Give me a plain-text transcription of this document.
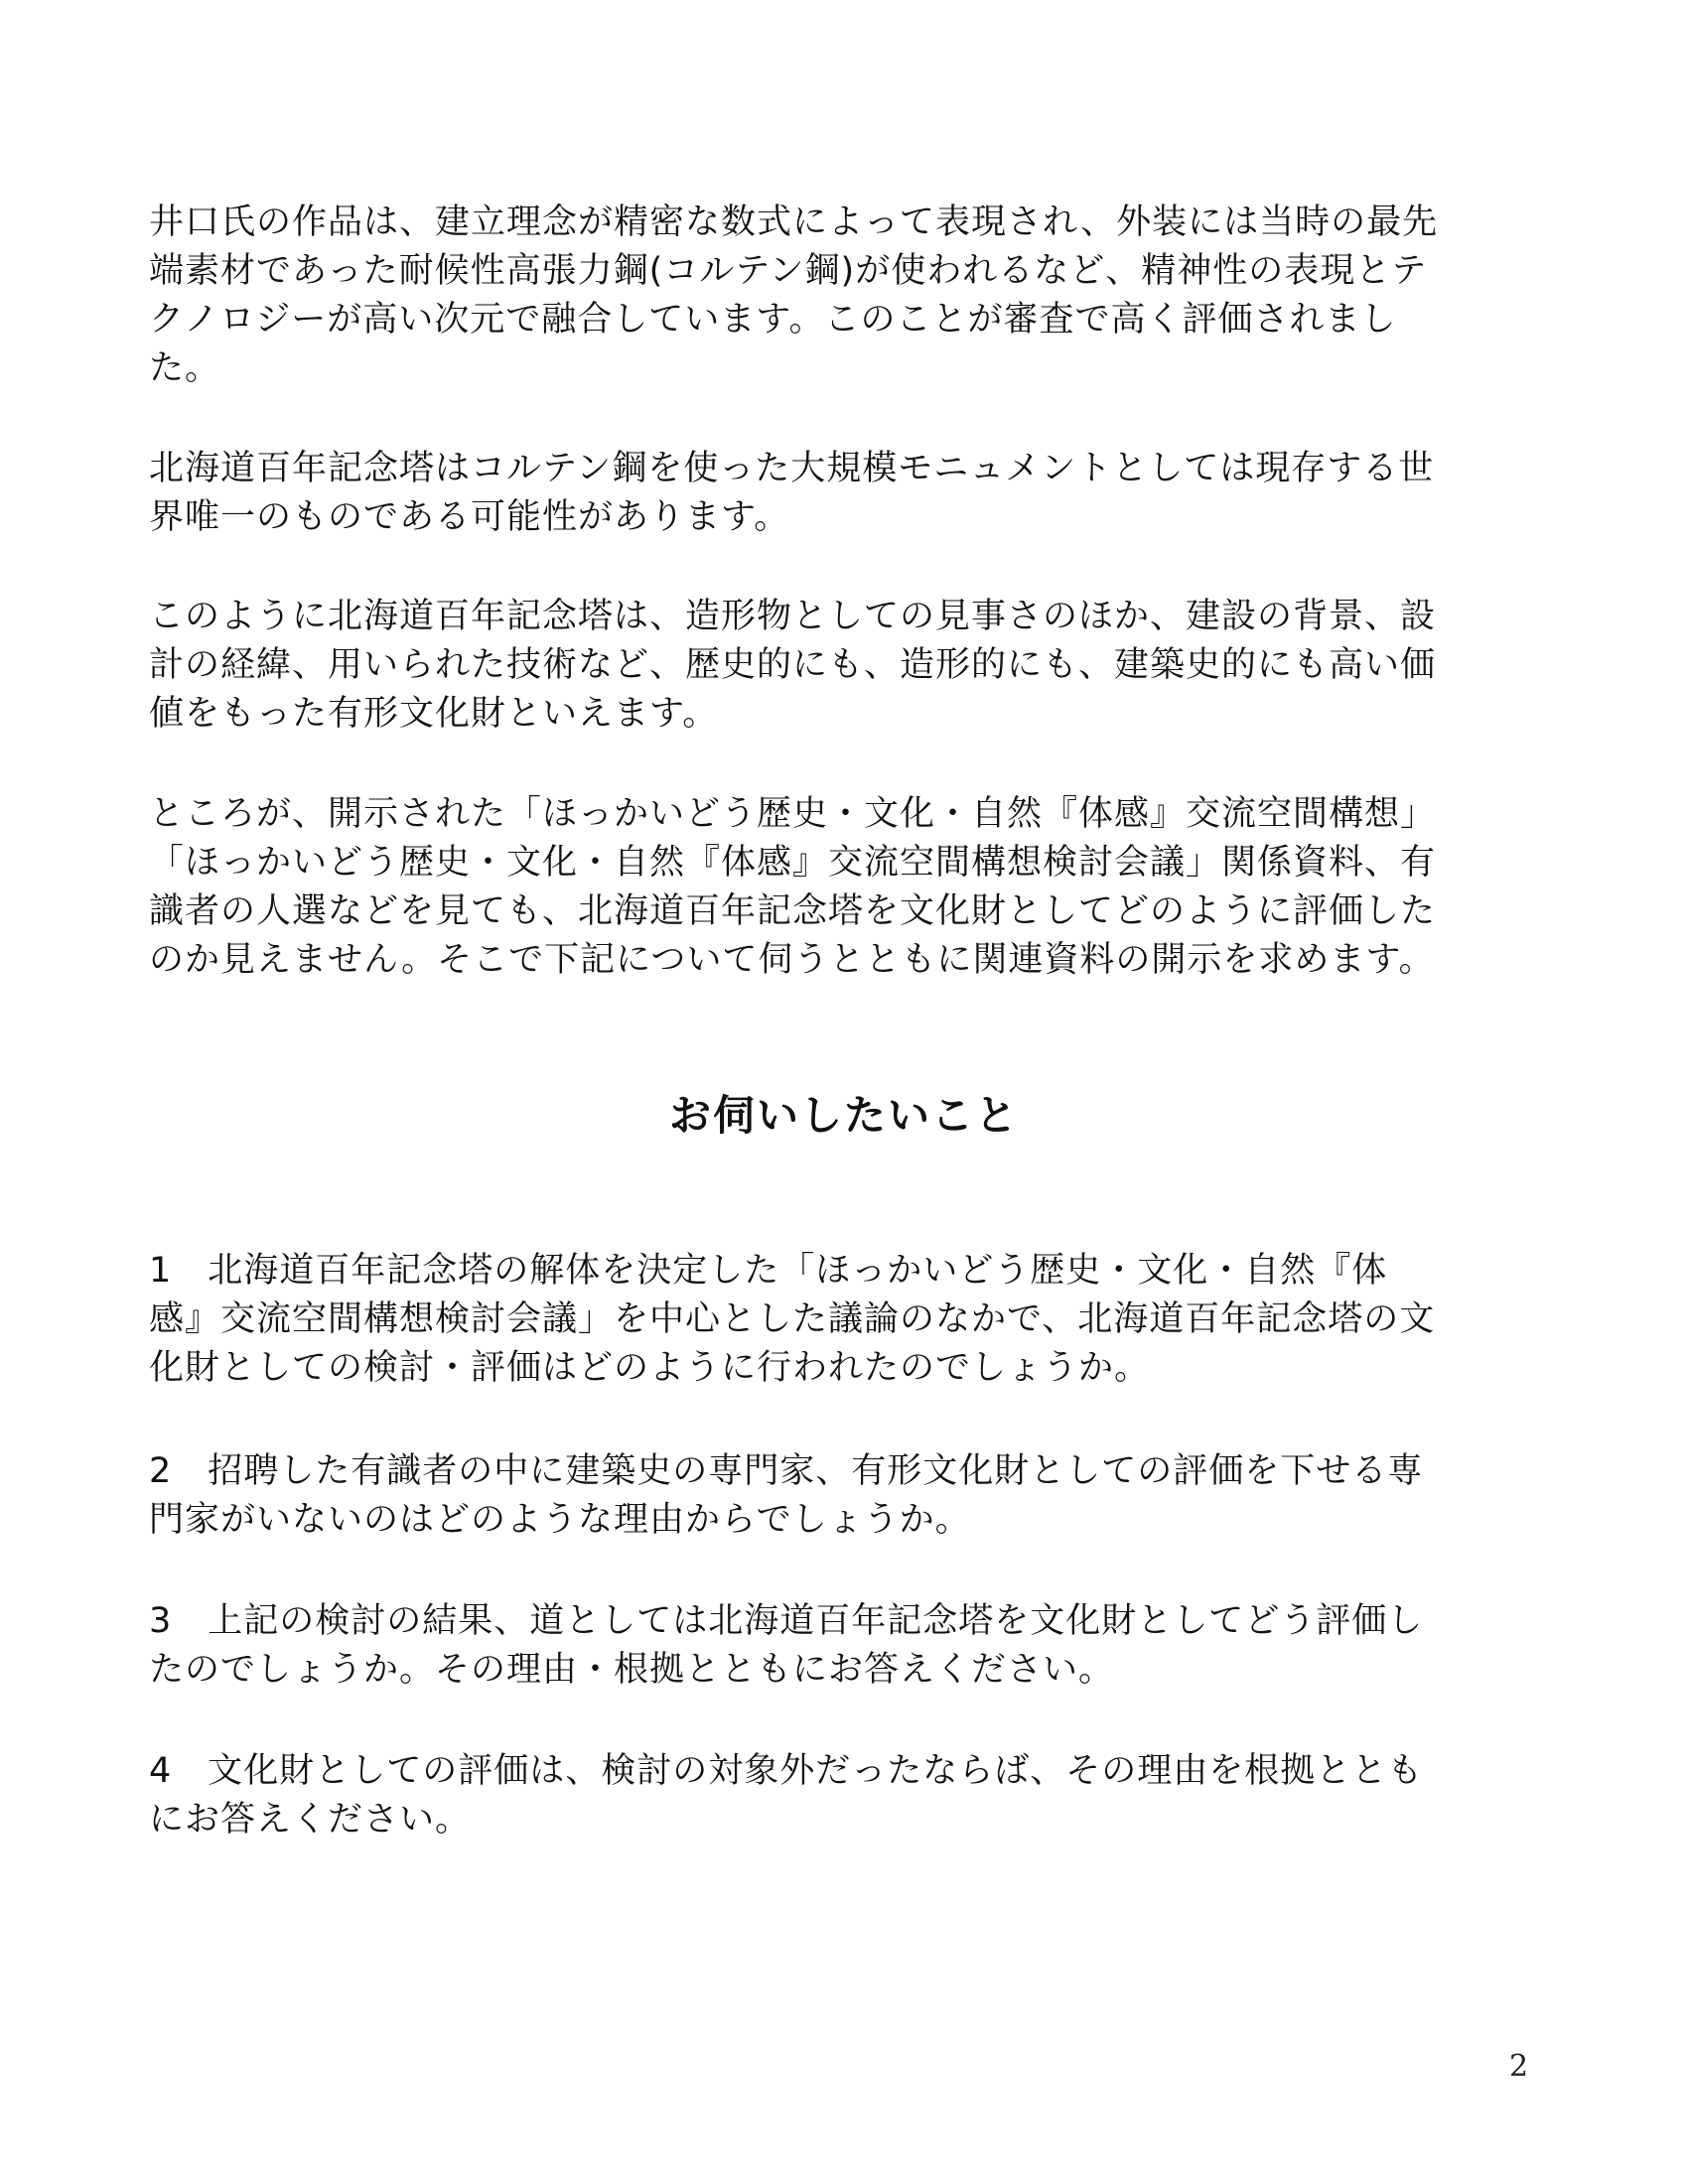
井口氏の作品は、建立理念が精密な数式によって表現され、外装には当時の最先
端素材であった耐候性高張力鋼(コルテン鋼)が使われるなど、精神性の表現とテ
クノロジーが高い次元で融合しています。このことが審査で高く評価されまし
た。

北海道百年記念塔はコルテン鋼を使った大規模モニュメントとしては現存する世
界唯一のものである可能性があります。

このように北海道百年記念塔は、造形物としての見事さのほか、建設の背景、設
計の経緯、用いられた技術など、歴史的にも、造形的にも、建築史的にも高い価
値をもった有形文化財といえます。

ところが、開示された「ほっかいどう歴史・文化・自然『体感』交流空間構想」
「ほっかいどう歴史・文化・自然『体感』交流空間構想検討会議」関係資料、有
識者の人選などを見ても、北海道百年記念塔を文化財としてどのように評価した
のか見えません。そこで下記について伺うとともに関連資料の開示を求めます。

お伺いしたいこと

1　北海道百年記念塔の解体を決定した「ほっかいどう歴史・文化・自然『体
感』交流空間構想検討会議」を中心とした議論のなかで、北海道百年記念塔の文
化財としての検討・評価はどのように行われたのでしょうか。

2　招聘した有識者の中に建築史の専門家、有形文化財としての評価を下せる専
門家がいないのはどのような理由からでしょうか。

3　上記の検討の結果、道としては北海道百年記念塔を文化財としてどう評価し
たのでしょうか。その理由・根拠とともにお答えください。

4　文化財としての評価は、検討の対象外だったならば、その理由を根拠ととも
にお答えください。

2
